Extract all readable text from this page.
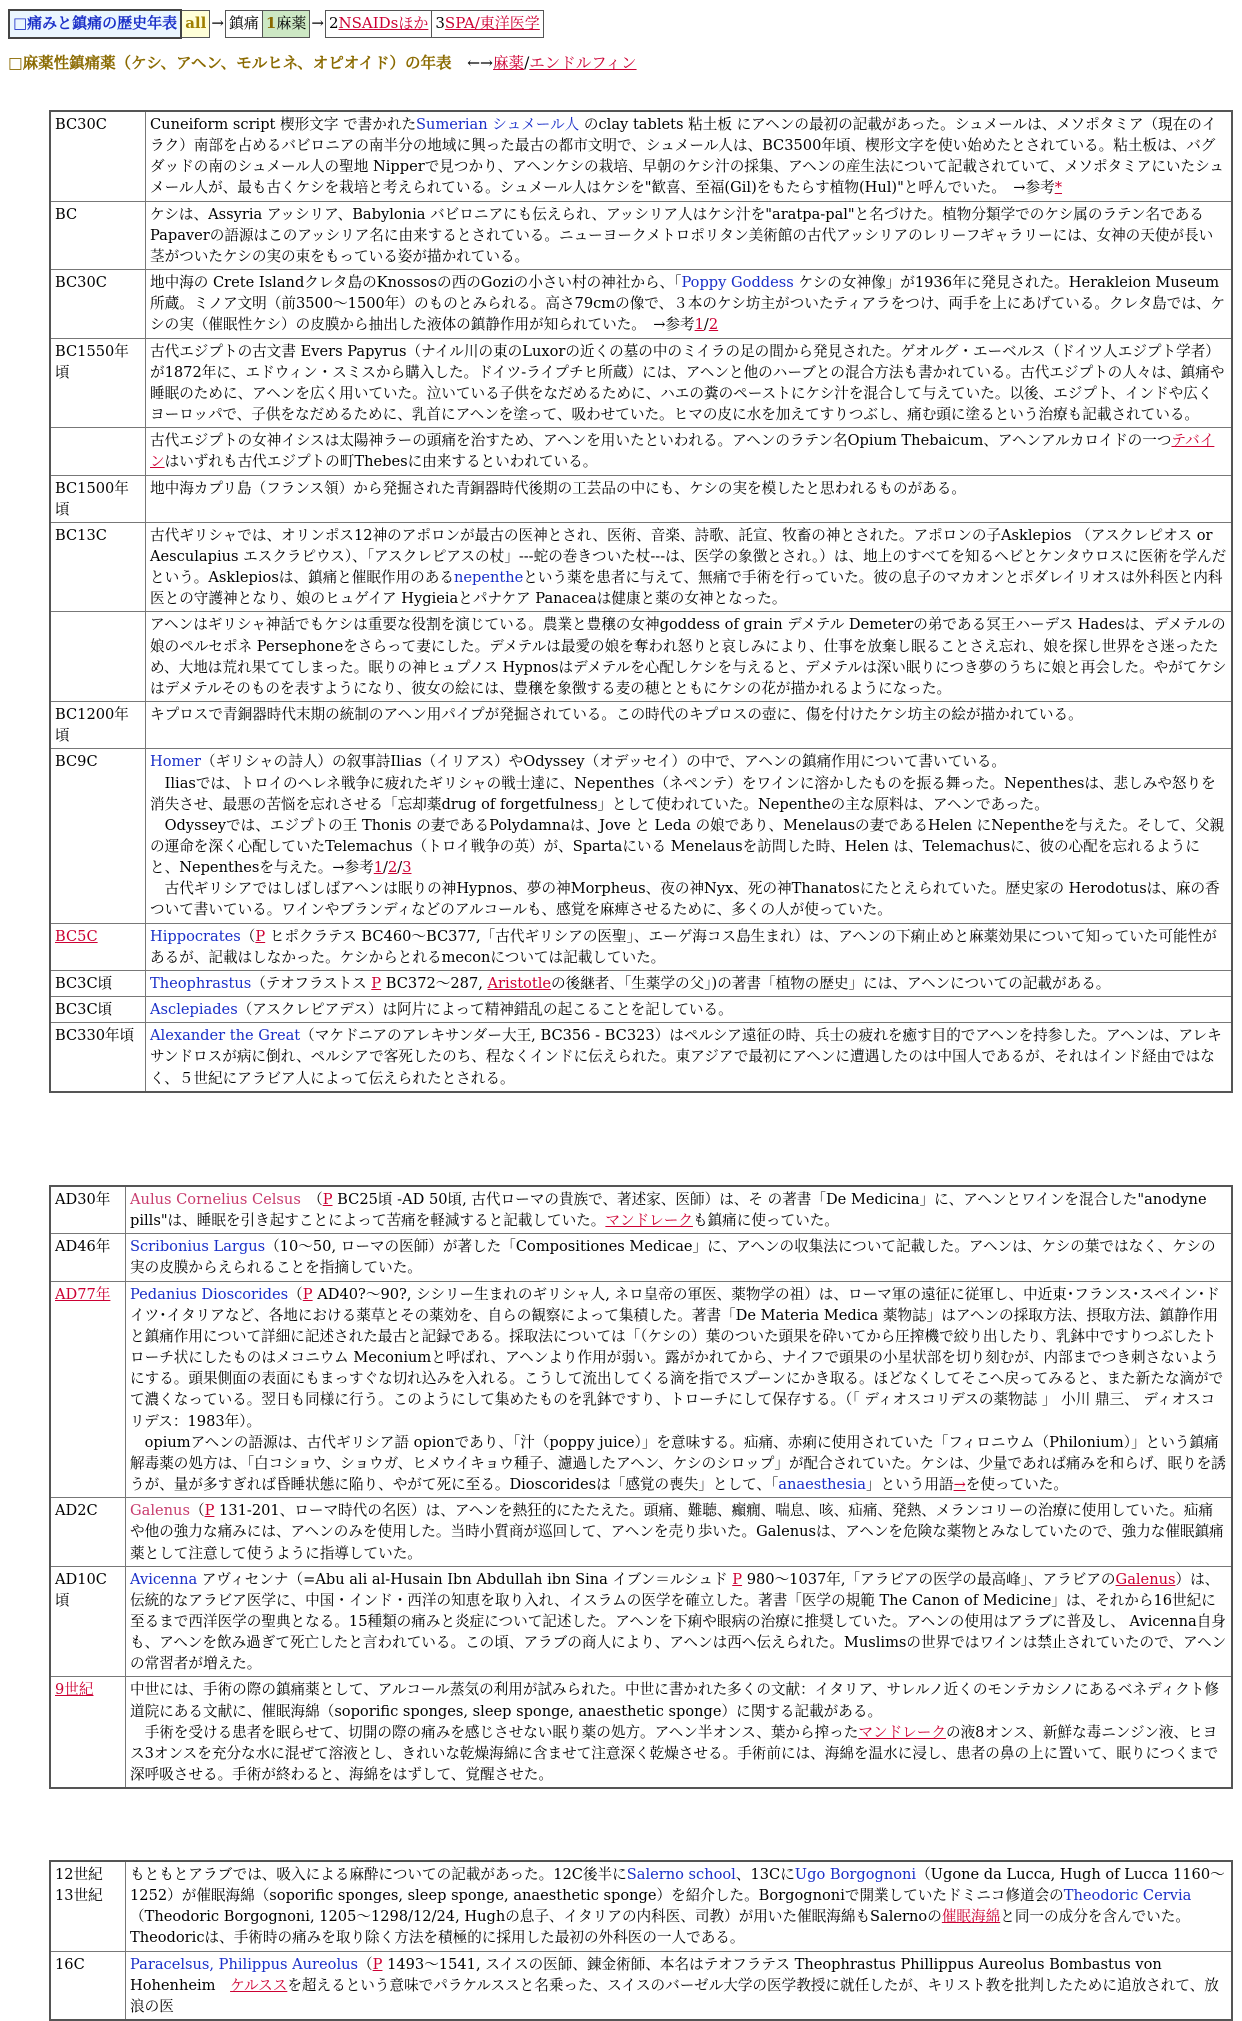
□痛みと鎮痛の歴史年表	all	→	鎮痛	1麻薬	→	2NSAIDsほか	3SPA/東洋医学
□麻薬性鎮痛薬（ケシ、アヘン、モルヒネ、オピオイド）の年表　 ←→麻薬/エンドルフィン
BC30C	Cuneiform script 楔形文字 で書かれたSumerian シュメール人 のclay tablets 粘土板 にアヘンの最初の記載があった。シュメールは、メソポタミア（現在のイラク）南部を占めるバビロニアの南半分の地域に興った最古の都市文明で、シュメール人は、BC3500年頃、楔形文字を使い始めたとされている。粘土板は、バグダッドの南のシュメール人の聖地 Nipperで見つかり、アヘンケシの栽培、早朝のケシ汁の採集、アヘンの産生法について記載されていて、メソポタミアにいたシュメール人が、最も古くケシを栽培と考えられている。シュメール人はケシを"歓喜、至福(Gil)をもたらす植物(Hul)"と呼んでいた。　→参考*
BC	ケシは、Assyria アッシリア、Babylonia バビロニアにも伝えられ、アッシリア人はケシ汁を"aratpa-pal"と名づけた。植物分類学でのケシ属のラテン名であるPapaverの語源はこのアッシリア名に由来するとされている。ニューヨークメトロポリタン美術館の古代アッシリアのレリーフギャラリーには、女神の天使が長い茎がついたケシの実の束をもっている姿が描かれている。
BC30C	地中海の Crete Islandクレタ島のKnossosの西のGoziの小さい村の神社から、「Poppy Goddess ケシの女神像」が1936年に発見された。Herakleion Museum所蔵。ミノア文明（前3500〜1500年）のものとみられる。高さ79cmの像で、３本のケシ坊主がついたティアラをつけ、両手を上にあげている。クレタ島では、ケシの実（催眠性ケシ）の皮膜から抽出した液体の鎮静作用が知られていた。　→参考1/2
BC1550年頃	古代エジプトの古文書 Evers Papyrus（ナイル川の東のLuxorの近くの墓の中のミイラの足の間から発見された。ゲオルグ・エーベルス（ドイツ人エジプト学者）が1872年に、エドウィン・スミスから購入した。ドイツ-ライプチヒ所蔵）には、アヘンと他のハーブとの混合方法も書かれている。古代エジプトの人々は、鎮痛や睡眠のために、アヘンを広く用いていた。泣いている子供をなだめるために、ハエの糞のペーストにケシ汁を混合して与えていた。以後、エジプト、インドや広くヨーロッパで、子供をなだめるために、乳首にアヘンを塗って、吸わせていた。ヒマの皮に水を加えてすりつぶし、痛む頭に塗るという治療も記載されている。
	古代エジプトの女神イシスは太陽神ラーの頭痛を治すため、アヘンを用いたといわれる。アヘンのラテン名Opium Thebaicum、アヘンアルカロイドの一つテバインはいずれも古代エジプトの町Thebesに由来するといわれている。
BC1500年頃	地中海カプリ島（フランス領）から発掘された青銅器時代後期の工芸品の中にも、ケシの実を模したと思われるものがある。
BC13C	古代ギリシャでは、オリンポス12神のアポロンが最古の医神とされ、医術、音楽、詩歌、託宣、牧畜の神とされた。アポロンの子Asklepios （アスクレピオス or Aesculapius エスクラピウス）、「アスクレピアスの杖」---蛇の巻きついた杖---は、医学の象徴とされ。）は、地上のすべてを知るヘビとケンタウロスに医術を学んだという。Asklepiosは、鎮痛と催眠作用のあるnepentheという薬を患者に与えて、無痛で手術を行っていた。彼の息子のマカオンとポダレイリオスは外科医と内科医との守護神となり、娘のヒュゲイア Hygieiaとパナケア Panaceaは健康と薬の女神となった。
	アヘンはギリシャ神話でもケシは重要な役割を演じている。農業と豊穣の女神goddess of grain デメテル Demeterの弟である冥王ハーデス Hadesは、デメテルの娘のペルセポネ Persephoneをさらって妻にした。デメテルは最愛の娘を奪われ怒りと哀しみにより、仕事を放棄し眠ることさえ忘れ、娘を探し世界をさ迷ったため、大地は荒れ果ててしまった。眠りの神ヒュプノス Hypnosはデメテルを心配しケシを与えると、デメテルは深い眠りにつき夢のうちに娘と再会した。やがてケシはデメテルそのものを表すようになり、彼女の絵には、豊穣を象徴する麦の穂とともにケシの花が描かれるようになった。
BC1200年頃	キプロスで青銅器時代末期の統制のアヘン用パイプが発掘されている。この時代のキプロスの壺に、傷を付けたケシ坊主の絵が描かれている。
BC9C	Homer（ギリシャの詩人）の叙事詩Ilias（イリアス）やOdyssey（オデッセイ）の中で、アヘンの鎮痛作用について書いている。

Iliasでは、トロイのヘレネ戦争に疲れたギリシャの戦士達に、Nepenthes（ネペンテ）をワインに溶かしたものを振る舞った。Nepenthesは、悲しみや怒りを消失させ、最悪の苦悩を忘れさせる「忘却薬drug of forgetfulness」として使われていた。Nepentheの主な原料は、アヘンであった。

Odysseyでは、エジプトの王 Thonis の妻であるPolydamnaは、Jove と Leda の娘であり、Menelausの妻であるHelen にNepentheを与えた。そして、父親の運命を深く心配していたTelemachus（トロイ戦争の英）が、Spartaにいる Menelausを訪問した時、Helen は、Telemachusに、彼の心配を忘れるようにと、Nepenthesを与えた。→参考1/2/3

古代ギリシアではしばしばアヘンは眠りの神Hypnos、夢の神Morpheus、夜の神Nyx、死の神Thanatosにたとえられていた。歴史家の Herodotusは、麻の香ついて書いている。ワインやブランディなどのアルコールも、感覚を麻痺させるために、多くの人が使っていた。

BC5C	Hippocrates（P ヒポクラテス BC460〜BC377,「古代ギリシアの医聖」、エーゲ海コス島生まれ）は、アヘンの下痢止めと麻薬効果について知っていた可能性があるが、記載はしなかった。ケシからとれるmeconについては記載していた。
BC3C頃	Theophrastus（テオフラストス P BC372〜287, Aristotleの後継者、「生薬学の父」)の著書「植物の歴史」には、アヘンについての記載がある。
BC3C頃	Asclepiades（アスクレピアデス）は阿片によって精神錯乱の起こることを記している。
BC330年頃	Alexander the Great（マケドニアのアレキサンダー大王, BC356 - BC323）はペルシア遠征の時、兵士の疲れを癒す目的でアヘンを持参した。アヘンは、アレキサンドロスが病に倒れ、ペルシアで客死したのち、程なくインドに伝えられた。東アジアで最初にアヘンに遭遇したのは中国人であるが、それはインド経由ではなく、５世紀にアラビア人によって伝えられたとされる。
AD30年	Aulus Cornelius Celsus　（P BC25頃 -AD 50頃, 古代ローマの貴族で、著述家、医師）は、そ の著書「De Medicina」に、アヘンとワインを混合した"anodyne pills"は、睡眠を引き起すことによって苦痛を軽減すると記載していた。マンドレークも鎮痛に使っていた。
AD46年	Scribonius Largus（10〜50, ローマの医師）が著した「Compositiones Medicae」に、アヘンの収集法について記載した。アヘンは、ケシの葉ではなく、ケシの実の皮膜からえられることを指摘していた。
AD77年	Pedanius Dioscorides（P AD40?〜90?, シシリー生まれのギリシャ人, ネロ皇帝の軍医、薬物学の祖）は、ローマ軍の遠征に従軍し、中近東･フランス･スペイン･ドイツ･イタリアなど、各地における薬草とその薬効を、自らの観察によって集積した。著書「De Materia Medica 薬物誌」はアヘンの採取方法、摂取方法、鎮静作用と鎮痛作用について詳細に記述された最古と記録である。採取法については「（ケシの）葉のついた頭果を砕いてから圧搾機で絞り出したり、乳鉢中ですりつぶしたトローチ状にしたものはメコニウム Meconiumと呼ばれ、アヘンより作用が弱い。露がかれてから、ナイフで頭果の小星状部を切り刻むが、内部までつき刺さないようにする。頭果側面の表面にもまっすぐな切れ込みを入れる。こうして流出してくる滴を指でスプーンにかき取る。ほどなくしてそこへ戻ってみると、また新たな滴がでて濃くなっている。翌日も同様に行う。このようにして集めたものを乳鉢ですり、トローチにして保存する。（「 ディオスコリデスの薬物誌 」 小川 鼎三、 ディオスコリデス：1983年）。

opiumアヘンの語源は、古代ギリシア語 opionであり、「汁（poppy juice）」を意味する。疝痛、赤痢に使用されていた「フィロニウム（Philonium）」という鎮痛解毒薬の処方は、「白コショウ、ショウガ、ヒメウイキョウ種子、濾過したアヘン、ケシのシロップ」が配合されていた。ケシは、少量であれば痛みを和らげ、眠りを誘うが、量が多すぎれば昏睡状態に陥り、やがて死に至る。Dioscoridesは「感覚の喪失」として、「anaesthesia」という用語→を使っていた。

AD2C	Galenus（P 131-201、ローマ時代の名医）は、アヘンを熱狂的にたたえた。頭痛、難聴、癲癇、喘息、咳、疝痛、発熱、メランコリーの治療に使用していた。疝痛や他の強力な痛みには、アヘンのみを使用した。当時小質商が巡回して、アヘンを売り歩いた。Galenusは、アヘンを危険な薬物とみなしていたので、強力な催眠鎮痛薬として注意して使うように指導していた。
AD10C頃	Avicenna アヴィセンナ（=Abu ali al-Husain Ibn Abdullah ibn Sina イブン＝ルシュド P 980〜1037年,「アラビアの医学の最高峰」、アラビアのGalenus）は、伝統的なアラビア医学に、中国・インド・西洋の知恵を取り入れ、イスラムの医学を確立した。著書「医学の規範 The Canon of Medicine」は、それから16世紀に至るまで西洋医学の聖典となる。15種類の痛みと炎症について記述した。アヘンを下痢や眼病の治療に推奨していた。アヘンの使用はアラブに普及し、 Avicenna自身も、アヘンを飲み過ぎて死亡したと言われている。この頃、アラブの商人により、アヘンは西へ伝えられた。Muslimsの世界ではワインは禁止されていたので、アヘンの常習者が増えた。
9世紀	中世には、手術の際の鎮痛薬として、アルコール蒸気の利用が試みられた。中世に書かれた多くの文献：イタリア、サレルノ近くのモンテカシノにあるベネディクト修道院にある文献に、催眠海綿（soporific sponges, sleep sponge, anaesthetic sponge）に関する記載がある。

手術を受ける患者を眠らせて、切開の際の痛みを感じさせない眠り薬の処方。アヘン半オンス、葉から搾ったマンドレークの液8オンス、新鮮な毒ニンジン液、ヒヨス3オンスを充分な水に混ぜて溶液とし、きれいな乾燥海綿に含ませて注意深く乾燥させる。手術前には、海綿を温水に浸し、患者の鼻の上に置いて、眠りにつくまで深呼吸させる。手術が終わると、海綿をはずして、覚醒させた。

12世紀
13世紀	もともとアラブでは、吸入による麻酔についての記載があった。12C後半にSalerno school、13CにUgo Borgognoni（Ugone da Lucca, Hugh of Lucca 1160〜1252）が催眠海綿（soporific sponges, sleep sponge, anaesthetic sponge）を紹介した。Borgognoniで開業していたドミニコ修道会のTheodoric Cervia（Theodoric Borgognoni, 1205〜1298/12/24, Hughの息子、イタリアの内科医、司教）が用いた催眠海綿もSalernoの催眠海綿と同一の成分を含んでいた。Theodoricは、手術時の痛みを取り除く方法を積極的に採用した最初の外科医の一人である。
16C	Paracelsus, Philippus Aureolus（P 1493〜1541, スイスの医師、錬金術師、本名はテオフラテス Theophrastus Phillippus Aureolus Bombastus von Hohenheim　ケルススを超えるという意味でパラケルススと名乗った、スイスのバーゼル大学の医学教授に就任したが、キリスト教を批判したために追放されて、放浪の医
